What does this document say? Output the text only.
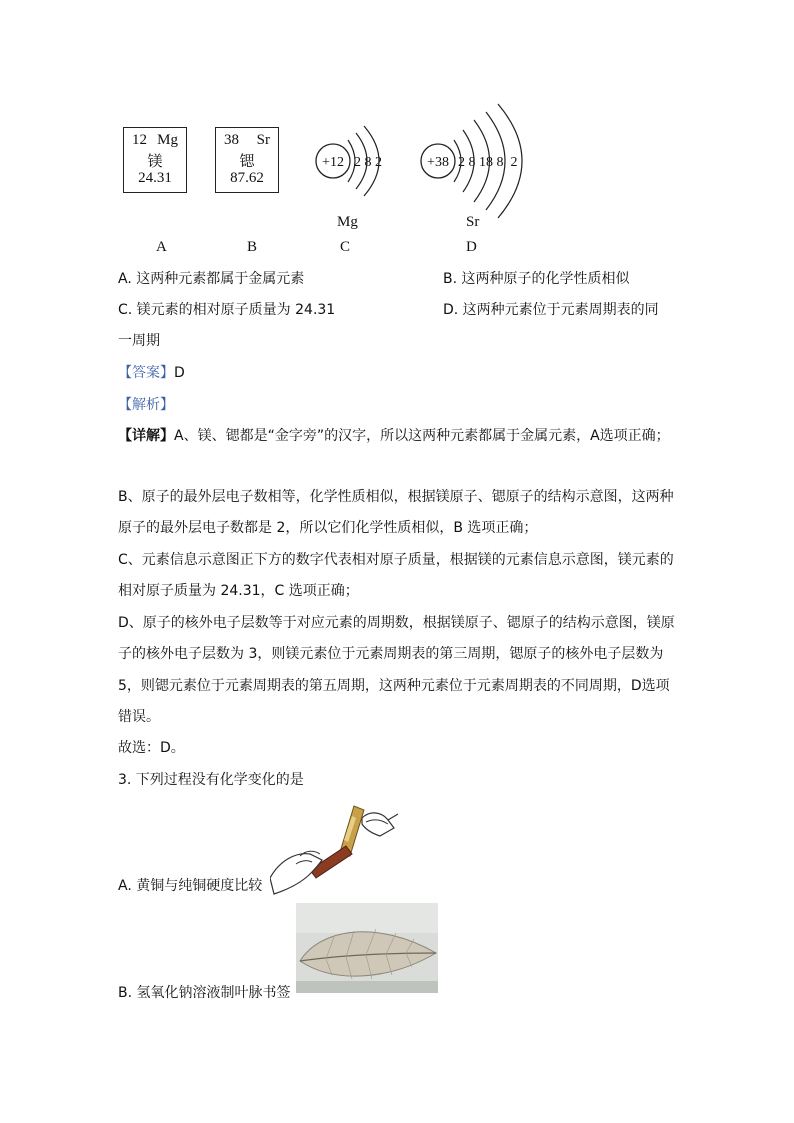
12 Mg
镁
24.31
38 Sr
锶
87.62
+12 2 8 2	+38 2 8 18 8  2
Mg	Sr
A	B	C	D
A. 这两种元素都属于金属元素	B. 这两种原子的化学性质相似
C. 镁元素的相对原子质量为 24.31	D. 这两种元素位于元素周期表的同
一周期
【答案】D
【解析】
【详解】A、镁、锶都是“金字旁”的汉字，所以这两种元素都属于金属元素，A选项正确；
B、原子的最外层电子数相等，化学性质相似，根据镁原子、锶原子的结构示意图，这两种
原子的最外层电子数都是 2，所以它们化学性质相似，B 选项正确；
C、元素信息示意图正下方的数字代表相对原子质量，根据镁的元素信息示意图，镁元素的
相对原子质量为 24.31，C 选项正确；
D、原子的核外电子层数等于对应元素的周期数，根据镁原子、锶原子的结构示意图，镁原
子的核外电子层数为 3，则镁元素位于元素周期表的第三周期，锶原子的核外电子层数为
5，则锶元素位于元素周期表的第五周期，这两种元素位于元素周期表的不同周期，D选项
错误。
故选：D。
3. 下列过程没有化学变化的是
A. 黄铜与纯铜硬度比较
B. 氢氧化钠溶液制叶脉书签
